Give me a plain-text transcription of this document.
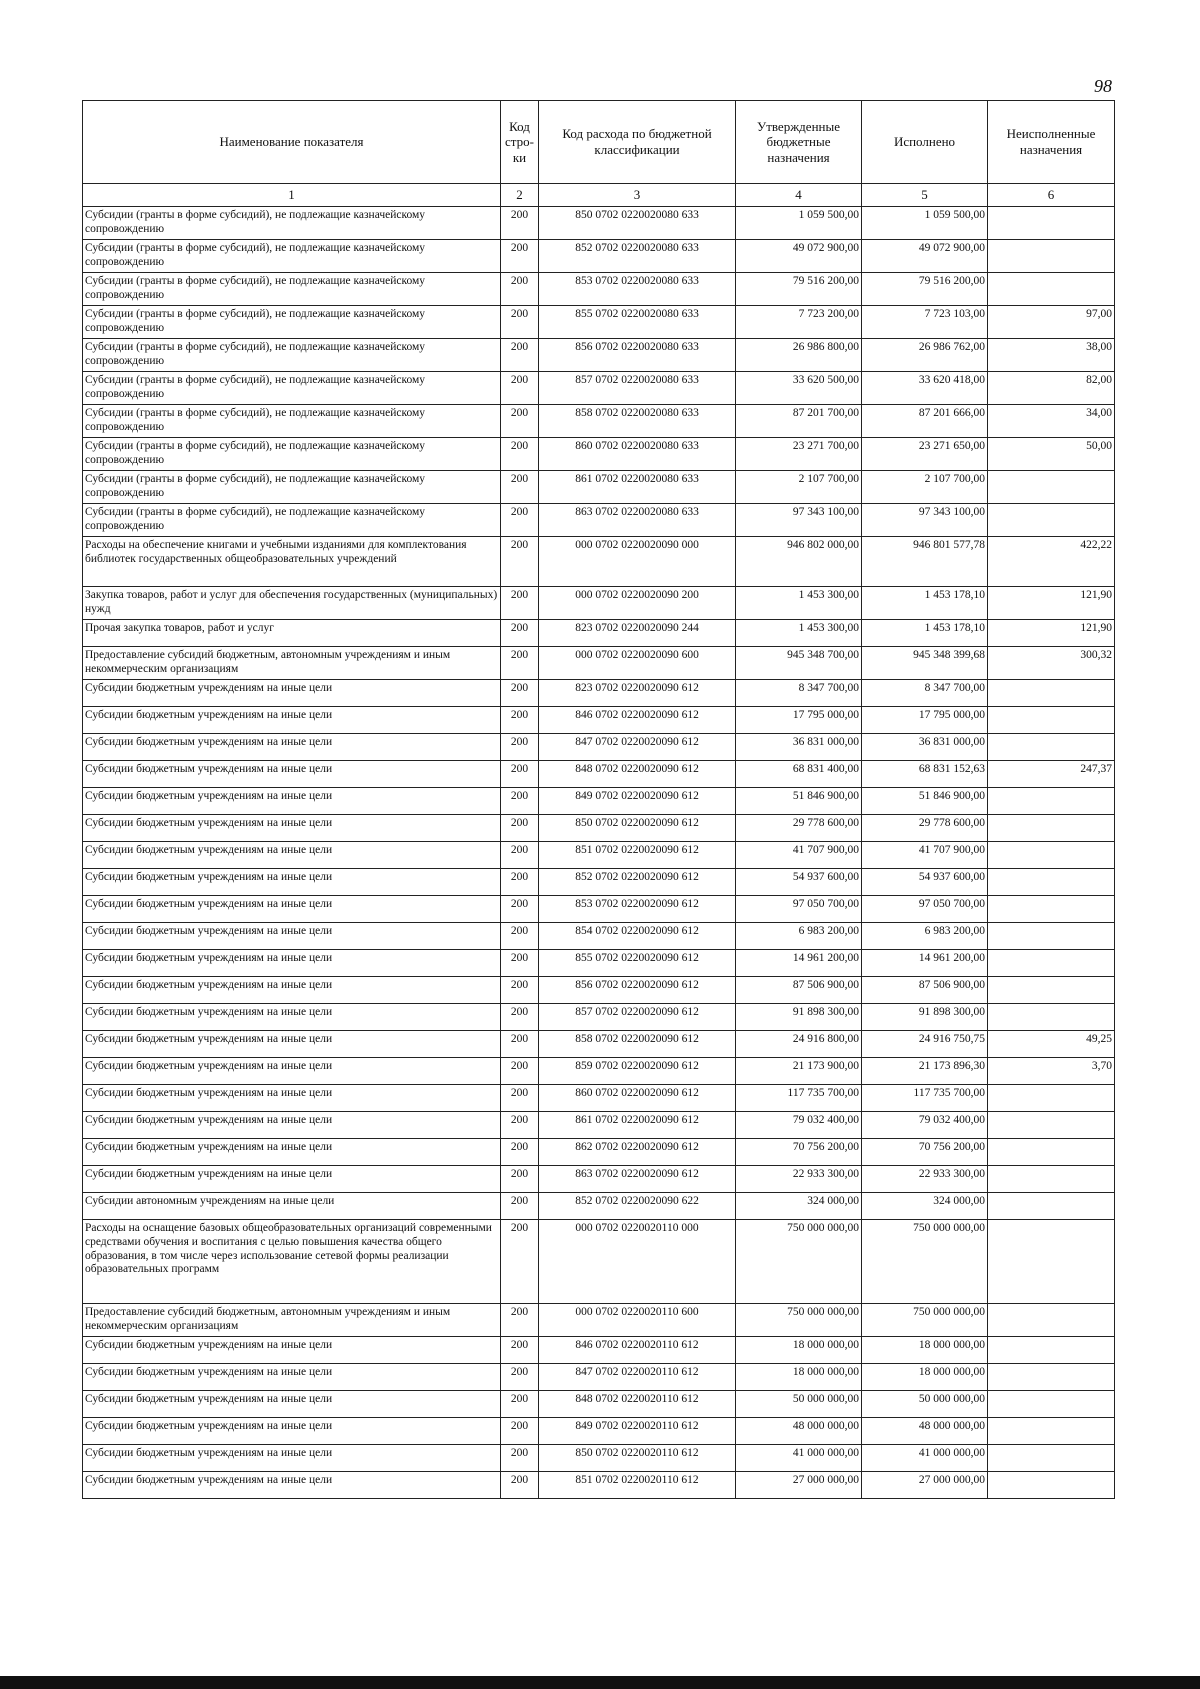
98
Наименование показателя	Код стро-ки	Код расхода по бюджетной классификации	Утвержденные бюджетные назначения	Исполнено	Неисполненные назначения
1	2	3	4	5	6
Субсидии (гранты в форме субсидий), не подлежащие казначейскому сопровождению	200	850 0702 0220020080 633	1 059 500,00	1 059 500,00	
Субсидии (гранты в форме субсидий), не подлежащие казначейскому сопровождению	200	852 0702 0220020080 633	49 072 900,00	49 072 900,00	
Субсидии (гранты в форме субсидий), не подлежащие казначейскому сопровождению	200	853 0702 0220020080 633	79 516 200,00	79 516 200,00	
Субсидии (гранты в форме субсидий), не подлежащие казначейскому сопровождению	200	855 0702 0220020080 633	7 723 200,00	7 723 103,00	97,00
Субсидии (гранты в форме субсидий), не подлежащие казначейскому сопровождению	200	856 0702 0220020080 633	26 986 800,00	26 986 762,00	38,00
Субсидии (гранты в форме субсидий), не подлежащие казначейскому сопровождению	200	857 0702 0220020080 633	33 620 500,00	33 620 418,00	82,00
Субсидии (гранты в форме субсидий), не подлежащие казначейскому сопровождению	200	858 0702 0220020080 633	87 201 700,00	87 201 666,00	34,00
Субсидии (гранты в форме субсидий), не подлежащие казначейскому сопровождению	200	860 0702 0220020080 633	23 271 700,00	23 271 650,00	50,00
Субсидии (гранты в форме субсидий), не подлежащие казначейскому сопровождению	200	861 0702 0220020080 633	2 107 700,00	2 107 700,00	
Субсидии (гранты в форме субсидий), не подлежащие казначейскому сопровождению	200	863 0702 0220020080 633	97 343 100,00	97 343 100,00	
Расходы на обеспечение книгами и учебными изданиями для комплектования библиотек государственных общеобразовательных учреждений	200	000 0702 0220020090 000	946 802 000,00	946 801 577,78	422,22
Закупка товаров, работ и услуг для обеспечения государственных (муниципальных) нужд	200	000 0702 0220020090 200	1 453 300,00	1 453 178,10	121,90
Прочая закупка товаров, работ и услуг	200	823 0702 0220020090 244	1 453 300,00	1 453 178,10	121,90
Предоставление субсидий бюджетным, автономным учреждениям и иным некоммерческим организациям	200	000 0702 0220020090 600	945 348 700,00	945 348 399,68	300,32
Субсидии бюджетным учреждениям на иные цели	200	823 0702 0220020090 612	8 347 700,00	8 347 700,00	
Субсидии бюджетным учреждениям на иные цели	200	846 0702 0220020090 612	17 795 000,00	17 795 000,00	
Субсидии бюджетным учреждениям на иные цели	200	847 0702 0220020090 612	36 831 000,00	36 831 000,00	
Субсидии бюджетным учреждениям на иные цели	200	848 0702 0220020090 612	68 831 400,00	68 831 152,63	247,37
Субсидии бюджетным учреждениям на иные цели	200	849 0702 0220020090 612	51 846 900,00	51 846 900,00	
Субсидии бюджетным учреждениям на иные цели	200	850 0702 0220020090 612	29 778 600,00	29 778 600,00	
Субсидии бюджетным учреждениям на иные цели	200	851 0702 0220020090 612	41 707 900,00	41 707 900,00	
Субсидии бюджетным учреждениям на иные цели	200	852 0702 0220020090 612	54 937 600,00	54 937 600,00	
Субсидии бюджетным учреждениям на иные цели	200	853 0702 0220020090 612	97 050 700,00	97 050 700,00	
Субсидии бюджетным учреждениям на иные цели	200	854 0702 0220020090 612	6 983 200,00	6 983 200,00	
Субсидии бюджетным учреждениям на иные цели	200	855 0702 0220020090 612	14 961 200,00	14 961 200,00	
Субсидии бюджетным учреждениям на иные цели	200	856 0702 0220020090 612	87 506 900,00	87 506 900,00	
Субсидии бюджетным учреждениям на иные цели	200	857 0702 0220020090 612	91 898 300,00	91 898 300,00	
Субсидии бюджетным учреждениям на иные цели	200	858 0702 0220020090 612	24 916 800,00	24 916 750,75	49,25
Субсидии бюджетным учреждениям на иные цели	200	859 0702 0220020090 612	21 173 900,00	21 173 896,30	3,70
Субсидии бюджетным учреждениям на иные цели	200	860 0702 0220020090 612	117 735 700,00	117 735 700,00	
Субсидии бюджетным учреждениям на иные цели	200	861 0702 0220020090 612	79 032 400,00	79 032 400,00	
Субсидии бюджетным учреждениям на иные цели	200	862 0702 0220020090 612	70 756 200,00	70 756 200,00	
Субсидии бюджетным учреждениям на иные цели	200	863 0702 0220020090 612	22 933 300,00	22 933 300,00	
Субсидии автономным учреждениям на иные цели	200	852 0702 0220020090 622	324 000,00	324 000,00	
Расходы на оснащение базовых общеобразовательных организаций современными средствами обучения и воспитания с целью повышения качества общего образования, в том числе через использование сетевой формы реализации образовательных программ	200	000 0702 0220020110 000	750 000 000,00	750 000 000,00	
Предоставление субсидий бюджетным, автономным учреждениям и иным некоммерческим организациям	200	000 0702 0220020110 600	750 000 000,00	750 000 000,00	
Субсидии бюджетным учреждениям на иные цели	200	846 0702 0220020110 612	18 000 000,00	18 000 000,00	
Субсидии бюджетным учреждениям на иные цели	200	847 0702 0220020110 612	18 000 000,00	18 000 000,00	
Субсидии бюджетным учреждениям на иные цели	200	848 0702 0220020110 612	50 000 000,00	50 000 000,00	
Субсидии бюджетным учреждениям на иные цели	200	849 0702 0220020110 612	48 000 000,00	48 000 000,00	
Субсидии бюджетным учреждениям на иные цели	200	850 0702 0220020110 612	41 000 000,00	41 000 000,00	
Субсидии бюджетным учреждениям на иные цели	200	851 0702 0220020110 612	27 000 000,00	27 000 000,00	
